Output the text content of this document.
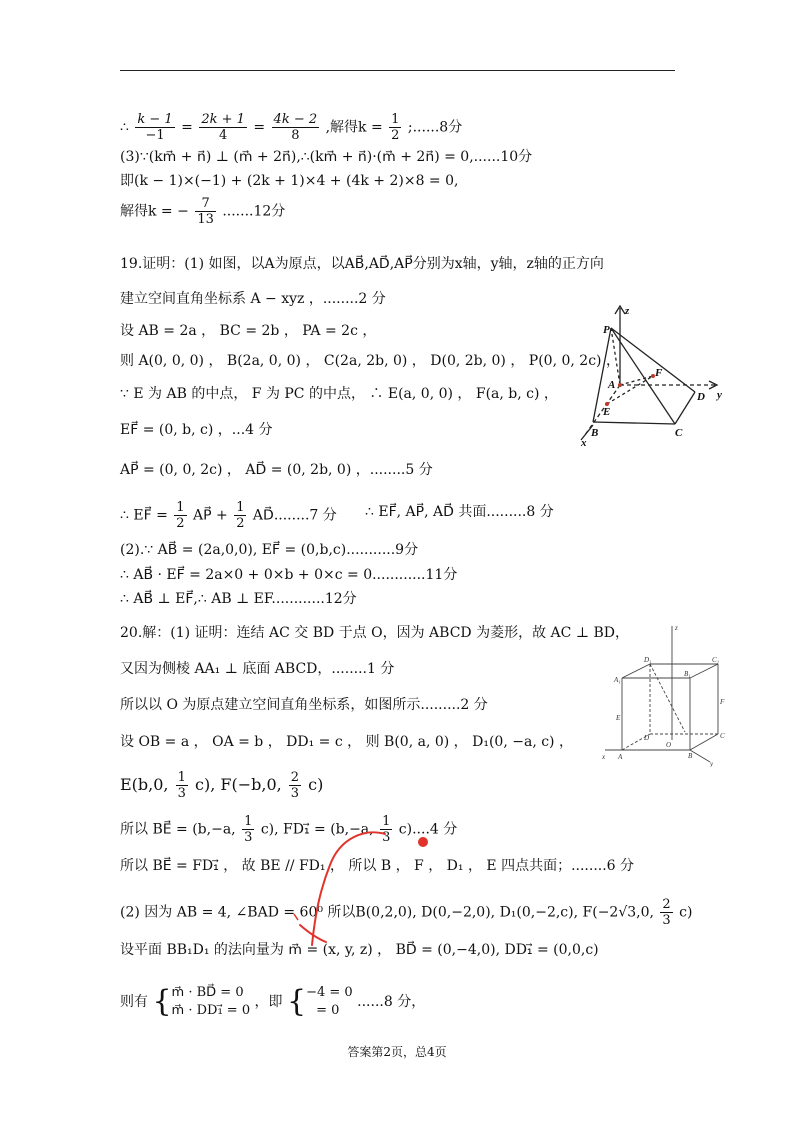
∴ $\frac{k - 1}{-1} = \frac{2k + 1}{4} = \frac{4k - 2}{8}$ ,解得$k = \frac{1}{2}$ ;......8分
(3)∵(km⃗ + n⃗) ⊥ (m⃗ + 2n⃗),∴(km⃗ + n⃗)·(m⃗ + 2n⃗) = 0,......10分
即(k − 1)×(−1) + (2k + 1)×4 + (4k + 2)×8 = 0,
解得k = − $\frac{7}{13} .......12$分
19.证明：(1) 如图，以A为原点，以AB⃗,AD⃗,AP⃗分别为x轴，y轴，z轴的正方向
建立空间直角坐标系 A − xyz ，........2 分
设 AB = 2a ， BC = 2b ， PA = 2c ，
则 A(0, 0, 0) ， B(2a, 0, 0) ， C(2a, 2b, 0) ， D(0, 2b, 0) ， P(0, 0, 2c) ，
∵ E 为 AB 的中点， F 为 PC 的中点， ∴ E(a, 0, 0) ， F(a, b, c) ，
EF⃗ = (0, b, c) ，...4 分
AP⃗ = (0, 0, 2c) ， AD⃗ = (0, 2b, 0) ，........5 分
∴ EF⃗ = $\frac{1}{2}$ AP⃗ + $\frac{1}{2}$ AD⃗........7 分 ∴ EF⃗, AP⃗, AD⃗ 共面.........8 分
(2).∵ AB⃗ = (2a,0,0), EF⃗ = (0,b,c)...........9分
∴ AB⃗ · EF⃗ = 2a×0 + 0×b + 0×c = 0............11分
∴ AB⃗ ⊥ EF⃗,∴ AB ⊥ EF............12分
z
P
F
A
y
D
E
B	C
x
20.解：(1) 证明：连结 AC 交 BD 于点 O，因为 ABCD 为菱形，故 AC ⊥ BD，
又因为侧棱 AA₁ ⊥ 底面 ABCD，........1 分
所以以 O 为原点建立空间直角坐标系，如图所示.........2 分
设 OB = a ， OA = b ， DD₁ = c ， 则 B(0, a, 0) ， D₁(0, −a, c) ，
E(b,0, $\frac{1}{3} c$), F(−b,0, $\frac{2}{3} c$)
所以 BE⃗ = (b,−a, $\frac{1}{3} c$), FD₁⃗ = (b,−a, $\frac{1}{3} c)....4$ 分
所以 BE⃗ = FD₁⃗ ， 故 BE // FD₁ ， 所以 B ， F ， D₁ ， E 四点共面；........6 分
(2) 因为 AB = 4, ∠BAD = 60⁰ 所以B(0,2,0), D(0,−2,0), D₁(0,−2,c), F(−2√3,0, $\frac{2}{3} c$)
设平面 BB₁D₁ 的法向量为 m⃗ = (x, y, z) ， BD⃗ = (0,−4,0), DD₁⃗ = (0,0,c)
则有 { m⃗ · BD⃗ = 0
m⃗ · DD₁⃗ = 0
，即 { −4 = 0
= 0
......8 分，
z
D₁	C₁
A₁
B₁
E
F
D
O
C
A	B
x
y
答案第2页，总4页
